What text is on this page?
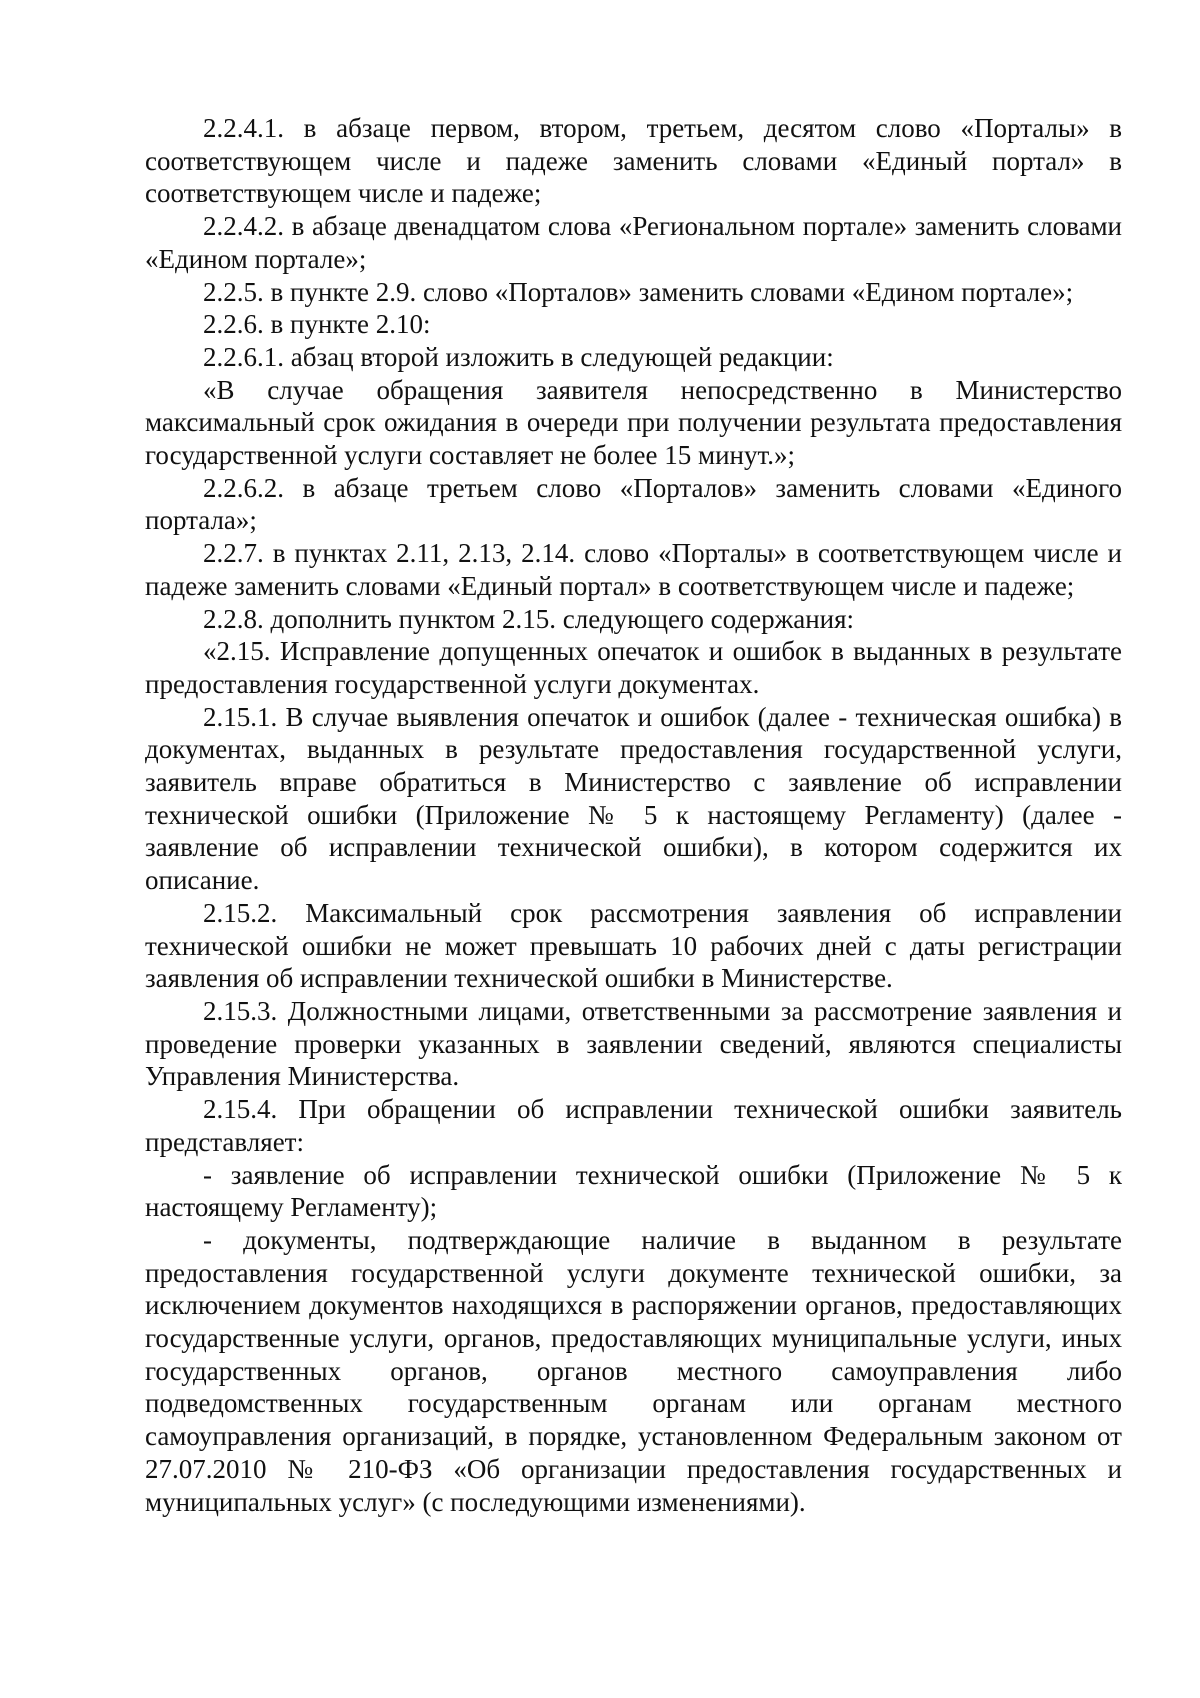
2.2.4.1. в абзаце первом, втором, третьем, десятом слово «Порталы» в соответствующем числе и падеже заменить словами «Единый портал» в соответствующем числе и падеже;

2.2.4.2. в абзаце двенадцатом слова «Региональном портале» заменить словами «Едином портале»;

2.2.5. в пункте 2.9. слово «Порталов» заменить словами «Едином портале»;

2.2.6. в пункте 2.10:

2.2.6.1. абзац второй изложить в следующей редакции:

«В случае обращения заявителя непосредственно в Министерство максимальный срок ожидания в очереди при получении результата предоставления государственной услуги составляет не более 15 минут.»;

2.2.6.2. в абзаце третьем слово «Порталов» заменить словами «Единого портала»;

2.2.7. в пунктах 2.11, 2.13, 2.14. слово «Порталы» в соответствующем числе и падеже заменить словами «Единый портал» в соответствующем числе и падеже;

2.2.8. дополнить пунктом 2.15. следующего содержания:

«2.15. Исправление допущенных опечаток и ошибок в выданных в результате предоставления государственной услуги документах.

2.15.1. В случае выявления опечаток и ошибок (далее - техническая ошибка) в документах, выданных в результате предоставления государственной услуги, заявитель вправе обратиться в Министерство с заявление об исправлении технической ошибки (Приложение № 5 к настоящему Регламенту) (далее - заявление об исправлении технической ошибки), в котором содержится их описание.

2.15.2. Максимальный срок рассмотрения заявления об исправлении технической ошибки не может превышать 10 рабочих дней с даты регистрации заявления об исправлении технической ошибки в Министерстве.

2.15.3. Должностными лицами, ответственными за рассмотрение заявления и проведение проверки указанных в заявлении сведений, являются специалисты Управления Министерства.

2.15.4. При обращении об исправлении технической ошибки заявитель представляет:

- заявление об исправлении технической ошибки (Приложение № 5 к настоящему Регламенту);

- документы, подтверждающие наличие в выданном в результате предоставления государственной услуги документе технической ошибки, за исключением документов находящихся в распоряжении органов, предоставляющих государственные услуги, органов, предоставляющих муниципальные услуги, иных государственных органов, органов местного самоуправления либо подведомственных государственным органам или органам местного самоуправления организаций, в порядке, установленном Федеральным законом от 27.07.2010 № 210-ФЗ «Об организации предоставления государственных и муниципальных услуг» (с последующими изменениями).
